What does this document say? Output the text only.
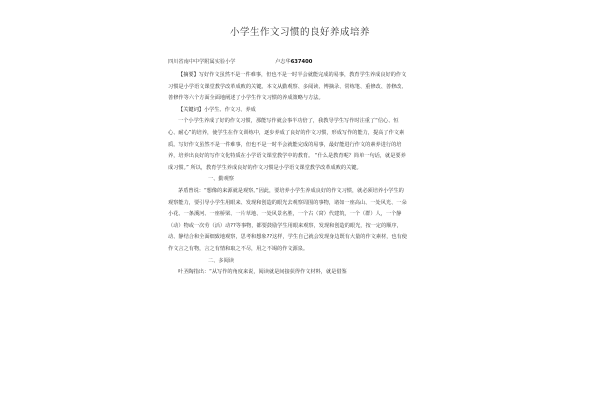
小学生作文习惯的良好养成培养
四川省南中中学附属实验小学	卢志华637400

【摘要】写好作文虽然不是一件难事，但也不是一时半会就能完成的易事，教育学生养成良好的作文习惯是小学语文课堂教学改革成败的关键。本文从勤观察、多阅读、博摘录、常练笔、重修改、善修改、善修作等六个方面全面地阐述了小学生作文习惯的养成策略与方法。

【关键词】小学生、作文习、养成

一个小学生养成了好的作文习惯，那能写作就会事半功倍了，我教导学生写作时注重了“信心、恒心、耐心”的培养，使学生在作文训练中，逐步养成了良好的作文习惯，形成写作的能力，提高了作文素质。写好作文虽然不是一件难事，但也不是一时半会就能完成的易事，最好能进行作文的素养进行的培养，培养出良好的写作文化特质在小学语文课堂教学中的教育。 “什么是教育呢？简单一句话，就是要养成习惯。” 所以，教育学生养成良好的作文习惯是小学语文课堂教学改革成败的关键。

一、勤观察

茅盾曾说：“想像的来源就是观察。”因此，要培养小学生养成良好的作文习惯，就必须培养小学生的观察能力，要引导小学生用眼来、发现和创造的眼光去观察周围的事物，诸如一座高山、一处风光、一朵小花、一条溪河、一座桥梁、一片草地、一处风景名胜，一个古（窝）代建筑，一个（群）人，一个静（动）物或一次劳（活）动??等事物，都要鼓励学生用眼来观察，发现和创造的眼光，按一定的顺序，动、静结合和全面细致地观察，思考和想象??这样，学生自己就会发现身边既有大量的作文素材，也有使作文言之有物，言之有情和取之不尽，用之不竭的作文源泉。

二、多阅读

叶圣陶指出：“从写作的角度来说，阅读就是间接获得作文材料，就是借鉴
